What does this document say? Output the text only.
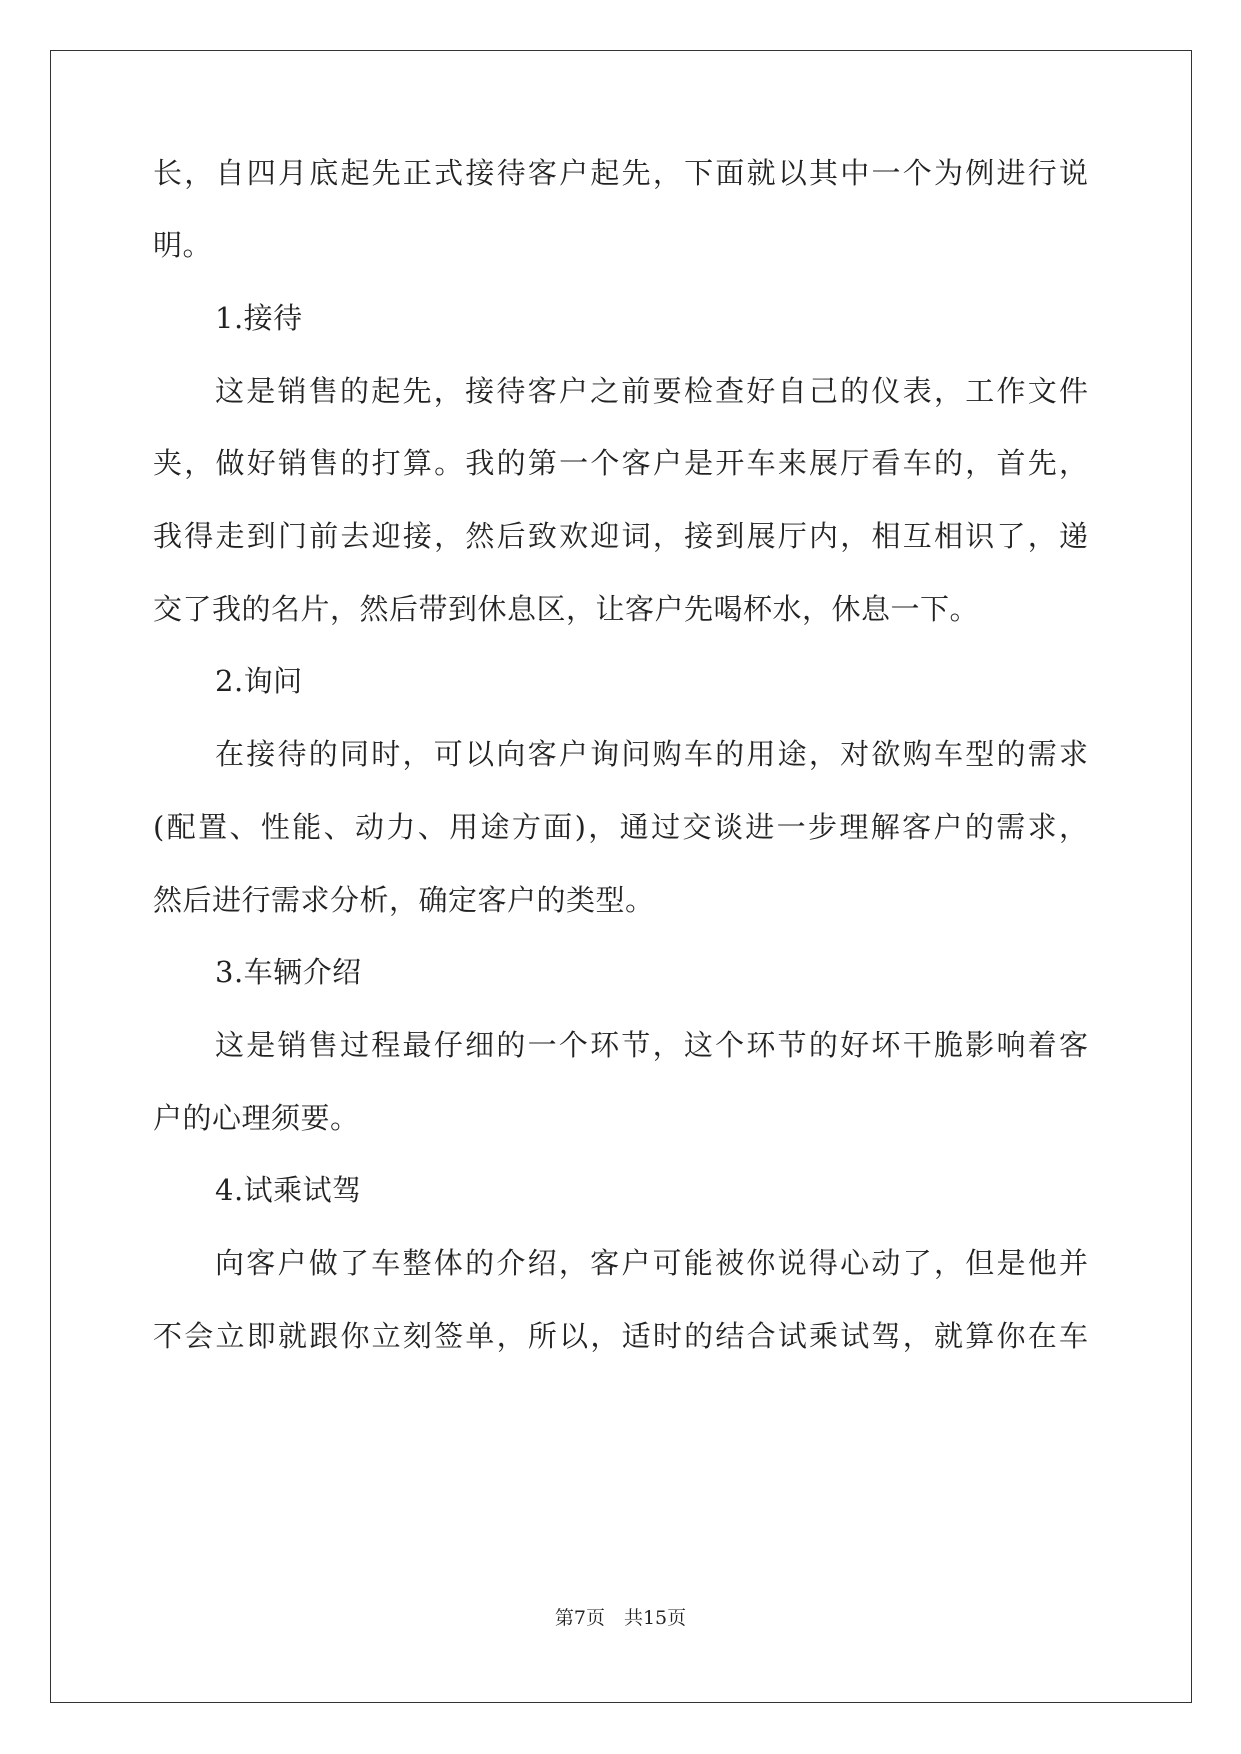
长，自四月底起先正式接待客户起先，下面就以其中一个为例进行说
明。
1.接待
这是销售的起先，接待客户之前要检查好自己的仪表，工作文件
夹，做好销售的打算。我的第一个客户是开车来展厅看车的，首先，
我得走到门前去迎接，然后致欢迎词，接到展厅内，相互相识了，递
交了我的名片，然后带到休息区，让客户先喝杯水，休息一下。
2.询问
在接待的同时，可以向客户询问购车的用途，对欲购车型的需求
(配置、性能、动力、用途方面)，通过交谈进一步理解客户的需求，
然后进行需求分析，确定客户的类型。
3.车辆介绍
这是销售过程最仔细的一个环节，这个环节的好坏干脆影响着客
户的心理须要。
4.试乘试驾
向客户做了车整体的介绍，客户可能被你说得心动了，但是他并
不会立即就跟你立刻签单，所以，适时的结合试乘试驾，就算你在车
第7页　共15页
